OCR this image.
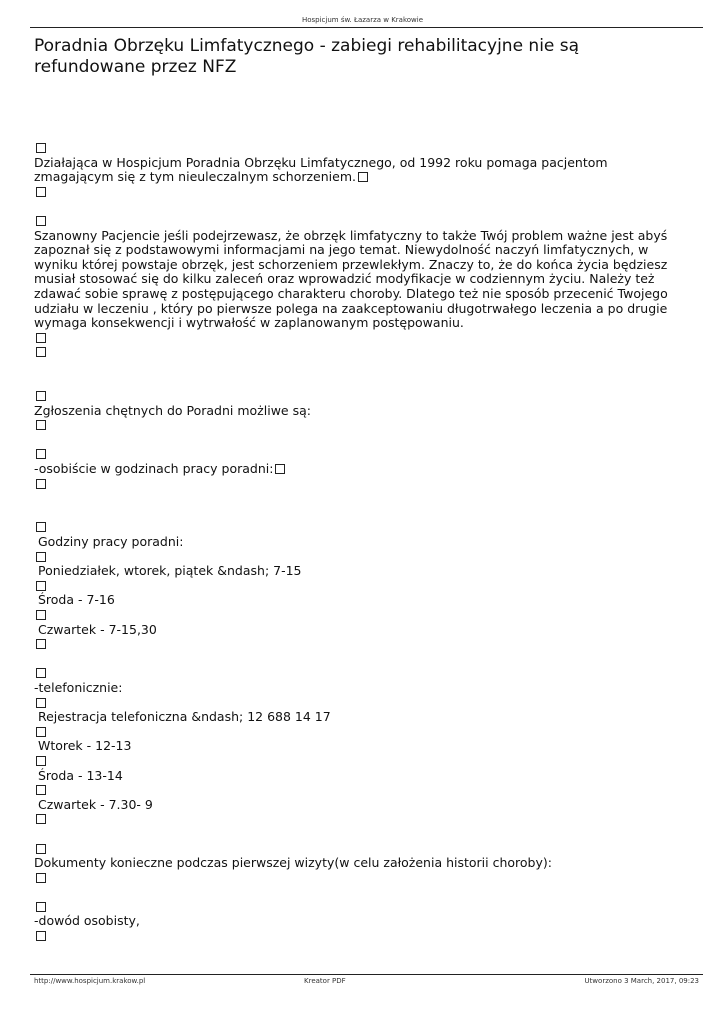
Hospicjum św. Łazarza w Krakowie
Poradnia Obrzęku Limfatycznego - zabiegi rehabilitacyjne nie są refundowane przez NFZ
Działająca w Hospicjum Poradnia Obrzęku Limfatycznego, od 1992 roku pomaga pacjentom zmagającym się z tym nieuleczalnym schorzeniem.
Szanowny Pacjencie jeśli podejrzewasz, że obrzęk limfatyczny to także Twój problem ważne jest abyś zapoznał się z podstawowymi informacjami na jego temat. Niewydolność naczyń limfatycznych, w wyniku której powstaje obrzęk, jest schorzeniem przewlekłym. Znaczy to, że do końca życia będziesz musiał stosować się do kilku zaleceń oraz wprowadzić modyfikacje w codziennym życiu. Należy też zdawać sobie sprawę z postępującego charakteru choroby. Dlatego też nie sposób przecenić Twojego udziału w leczeniu , który po pierwsze polega na zaakceptowaniu długotrwałego leczenia a po drugie wymaga konsekwencji i wytrwałość w zaplanowanym postępowaniu.
Zgłoszenia chętnych do Poradni możliwe są:
-osobiście w godzinach pracy poradni:
Godziny pracy poradni:
Poniedziałek, wtorek, piątek &ndash; 7-15
Środa - 7-16
Czwartek - 7-15,30
-telefonicznie:
Rejestracja telefoniczna &ndash; 12 688 14 17
Wtorek - 12-13
Środa - 13-14
Czwartek - 7.30- 9
Dokumenty konieczne podczas pierwszej wizyty(w celu założenia historii choroby):
-dowód osobisty,
http://www.hospicjum.krakow.pl	Kreator PDF	Utworzono 3 March, 2017, 09:23
